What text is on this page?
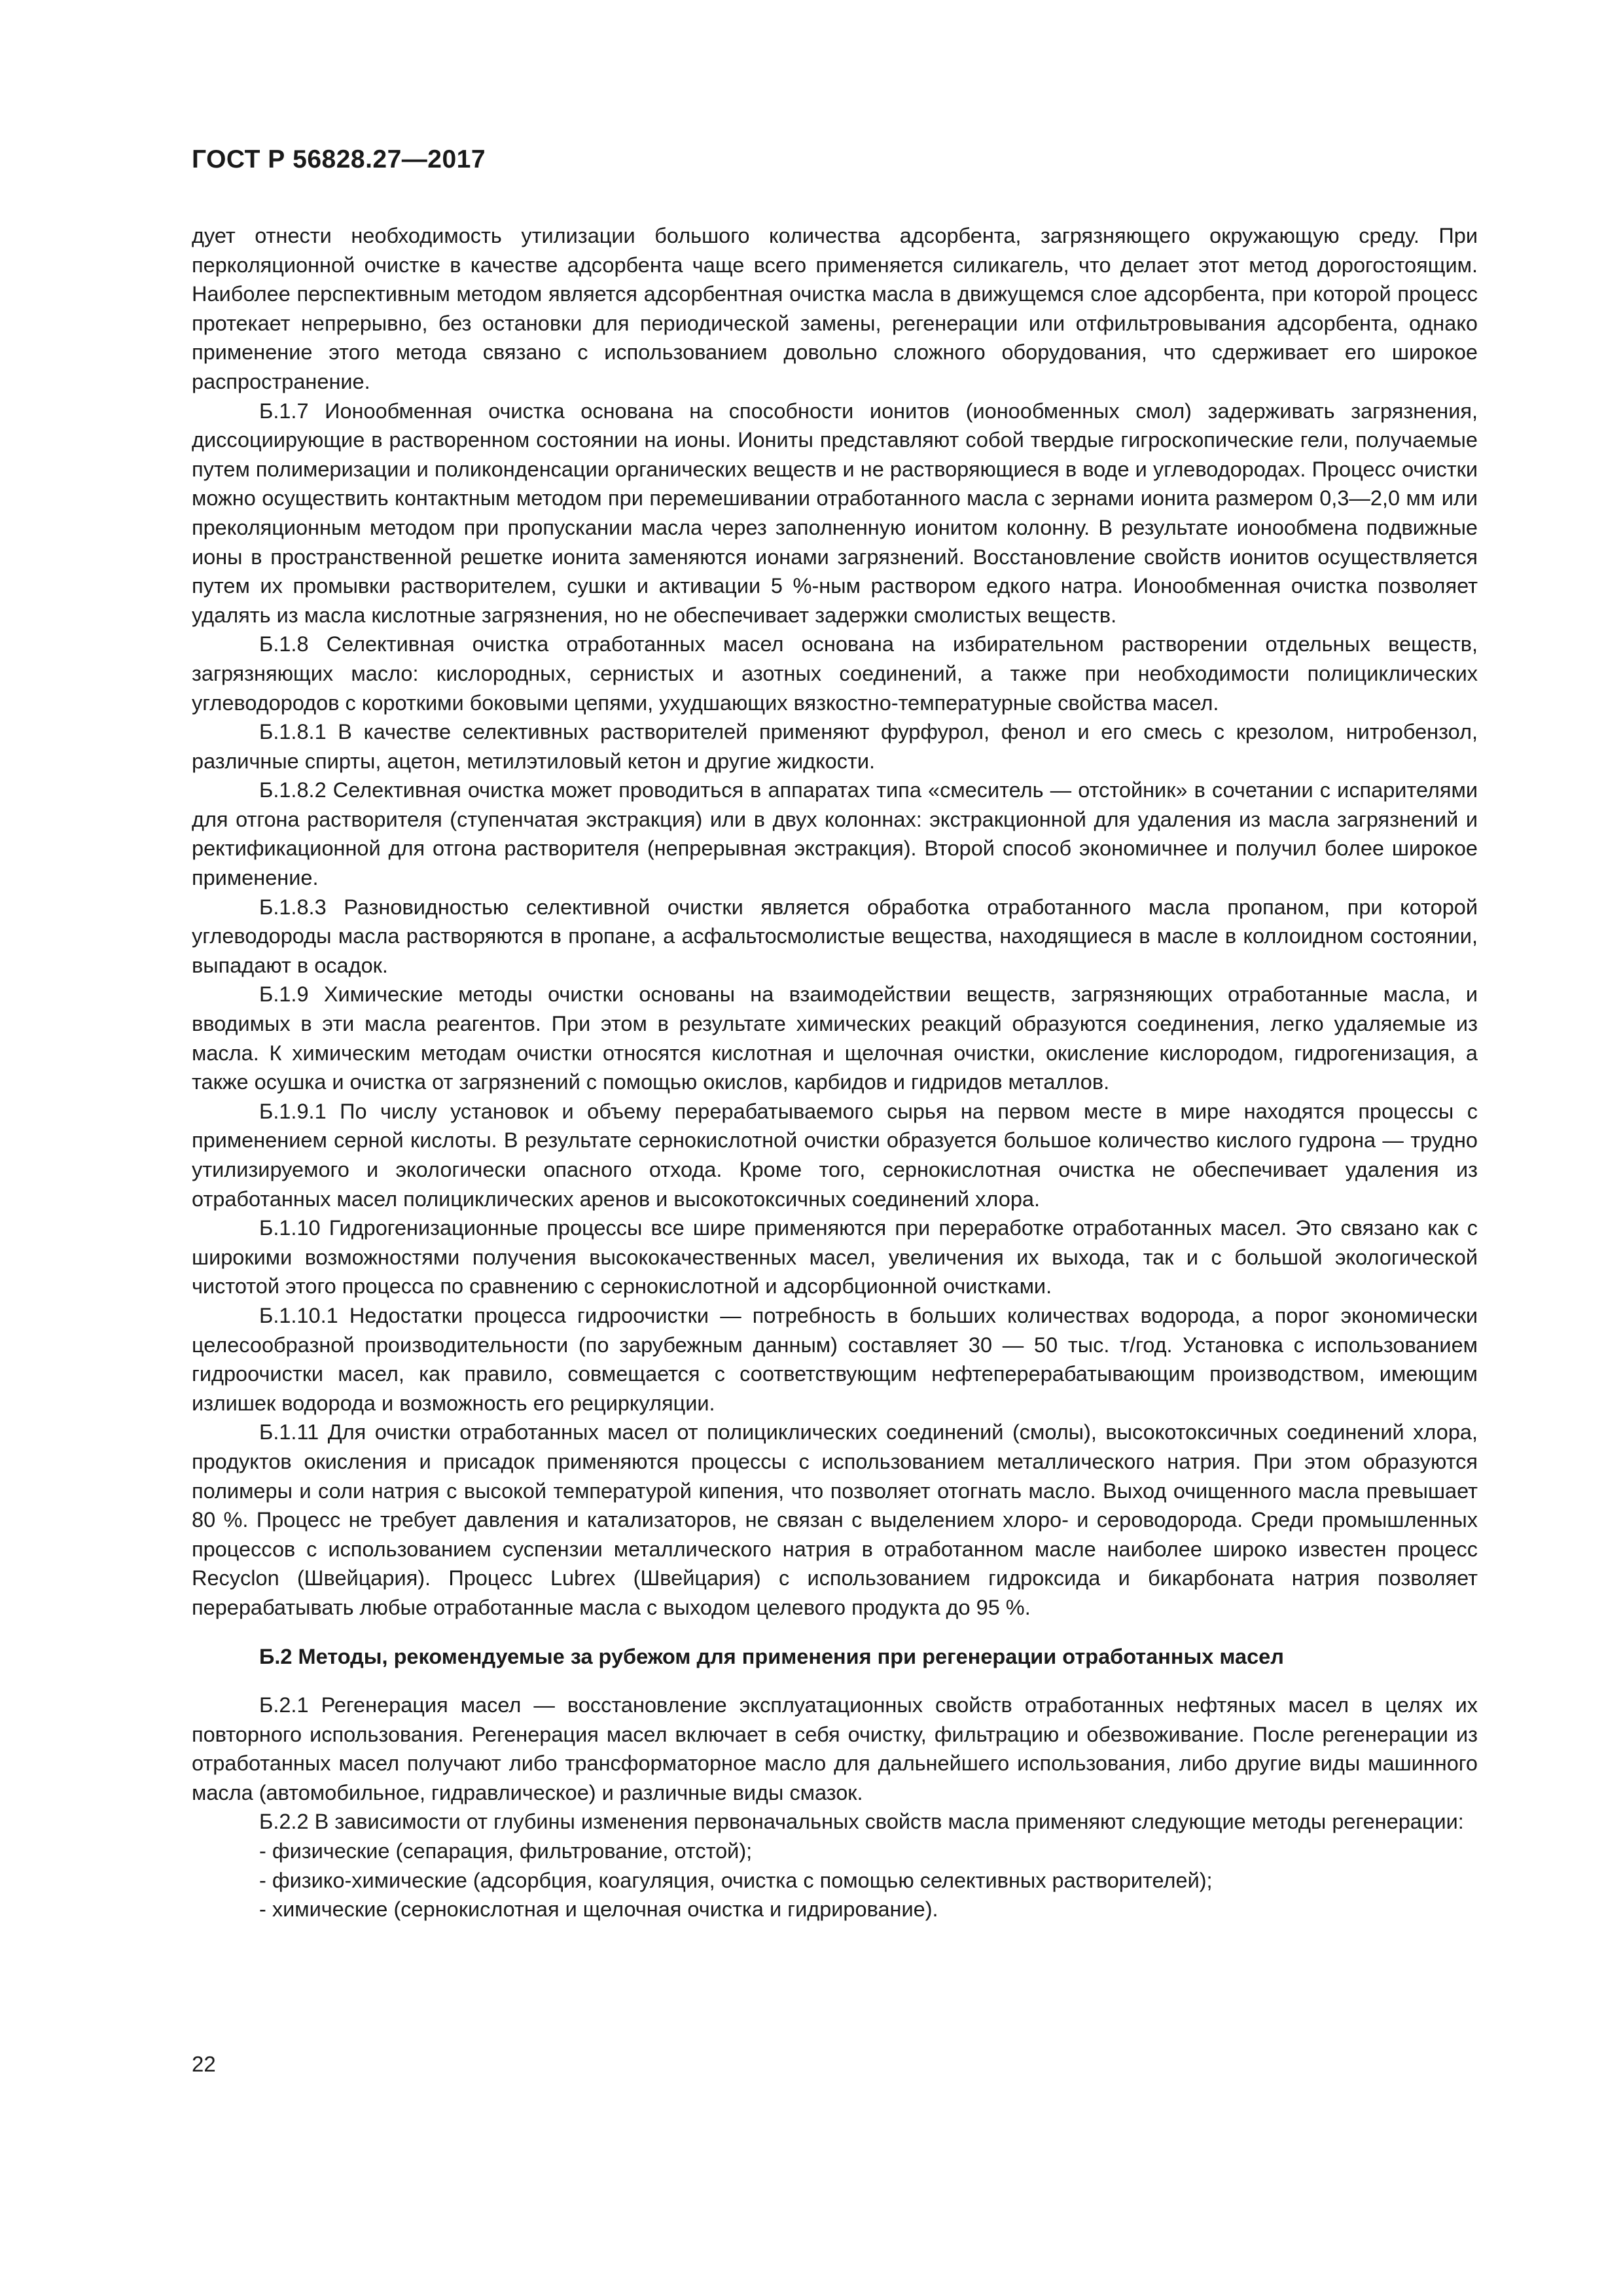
ГОСТ Р 56828.27—2017

дует отнести необходимость утилизации большого количества адсорбента, загрязняющего окружающую среду. При перколяционной очистке в качестве адсорбента чаще всего применяется силикагель, что делает этот метод дорогостоящим. Наиболее перспективным методом является адсорбентная очистка масла в движущемся слое адсорбента, при которой процесс протекает непрерывно, без остановки для периодической замены, регенерации или отфильтровывания адсорбента, однако применение этого метода связано с использованием довольно сложного оборудования, что сдерживает его широкое распространение.

Б.1.7 Ионообменная очистка основана на способности ионитов (ионообменных смол) задерживать загрязнения, диссоциирующие в растворенном состоянии на ионы. Иониты представляют собой твердые гигроскопические гели, получаемые путем полимеризации и поликонденсации органических веществ и не растворяющиеся в воде и углеводородах. Процесс очистки можно осуществить контактным методом при перемешивании отработанного масла с зернами ионита размером 0,3—2,0 мм или преколяционным методом при пропускании масла через заполненную ионитом колонну. В результате ионообмена подвижные ионы в пространственной решетке ионита заменяются ионами загрязнений. Восстановление свойств ионитов осуществляется путем их промывки растворителем, сушки и активации 5 %-ным раствором едкого натра. Ионообменная очистка позволяет удалять из масла кислотные загрязнения, но не обеспечивает задержки смолистых веществ.

Б.1.8 Селективная очистка отработанных масел основана на избирательном растворении отдельных веществ, загрязняющих масло: кислородных, сернистых и азотных соединений, а также при необходимости полициклических углеводородов с короткими боковыми цепями, ухудшающих вязкостно-температурные свойства масел.

Б.1.8.1 В качестве селективных растворителей применяют фурфурол, фенол и его смесь с крезолом, нитробензол, различные спирты, ацетон, метилэтиловый кетон и другие жидкости.

Б.1.8.2 Селективная очистка может проводиться в аппаратах типа «смеситель — отстойник» в сочетании с испарителями для отгона растворителя (ступенчатая экстракция) или в двух колоннах: экстракционной для удаления из масла загрязнений и ректификационной для отгона растворителя (непрерывная экстракция). Второй способ экономичнее и получил более широкое применение.

Б.1.8.3 Разновидностью селективной очистки является обработка отработанного масла пропаном, при которой углеводороды масла растворяются в пропане, а асфальтосмолистые вещества, находящиеся в масле в коллоидном состоянии, выпадают в осадок.

Б.1.9 Химические методы очистки основаны на взаимодействии веществ, загрязняющих отработанные масла, и вводимых в эти масла реагентов. При этом в результате химических реакций образуются соединения, легко удаляемые из масла. К химическим методам очистки относятся кислотная и щелочная очистки, окисление кислородом, гидрогенизация, а также осушка и очистка от загрязнений с помощью окислов, карбидов и гидридов металлов.

Б.1.9.1 По числу установок и объему перерабатываемого сырья на первом месте в мире находятся процессы с применением серной кислоты. В результате сернокислотной очистки образуется большое количество кислого гудрона — трудно утилизируемого и экологически опасного отхода. Кроме того, сернокислотная очистка не обеспечивает удаления из отработанных масел полициклических аренов и высокотоксичных соединений хлора.

Б.1.10 Гидрогенизационные процессы все шире применяются при переработке отработанных масел. Это связано как с широкими возможностями получения высококачественных масел, увеличения их выхода, так и с большой экологической чистотой этого процесса по сравнению с сернокислотной и адсорбционной очистками.

Б.1.10.1 Недостатки процесса гидроочистки — потребность в больших количествах водорода, а порог экономически целесообразной производительности (по зарубежным данным) составляет 30 — 50 тыс. т/год. Установка с использованием гидроочистки масел, как правило, совмещается с соответствующим нефтеперерабатывающим производством, имеющим излишек водорода и возможность его рециркуляции.

Б.1.11 Для очистки отработанных масел от полициклических соединений (смолы), высокотоксичных соединений хлора, продуктов окисления и присадок применяются процессы с использованием металлического натрия. При этом образуются полимеры и соли натрия с высокой температурой кипения, что позволяет отогнать масло. Выход очищенного масла превышает 80 %. Процесс не требует давления и катализаторов, не связан с выделением хлоро- и сероводорода. Среди промышленных процессов с использованием суспензии металлического натрия в отработанном масле наиболее широко известен процесс Recyclon (Швейцария). Процесс Lubrex (Швейцария) с использованием гидроксида и бикарбоната натрия позволяет перерабатывать любые отработанные масла с выходом целевого продукта до 95 %.

Б.2 Методы, рекомендуемые за рубежом для применения при регенерации отработанных масел

Б.2.1 Регенерация масел — восстановление эксплуатационных свойств отработанных нефтяных масел в целях их повторного использования. Регенерация масел включает в себя очистку, фильтрацию и обезвоживание. После регенерации из отработанных масел получают либо трансформаторное масло для дальнейшего использования, либо другие виды машинного масла (автомобильное, гидравлическое) и различные виды смазок.

Б.2.2 В зависимости от глубины изменения первоначальных свойств масла применяют следующие методы регенерации:

- физические (сепарация, фильтрование, отстой);
- физико-химические (адсорбция, коагуляция, очистка с помощью селективных растворителей);
- химические (сернокислотная и щелочная очистка и гидрирование).
22
